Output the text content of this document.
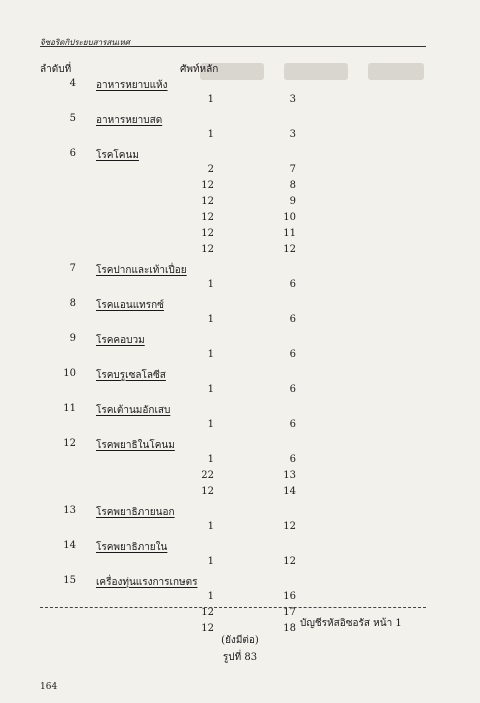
จิซอริดกิประยบสารสนเหศ
ลำดับที่	ศัพท์หลัก
4 อาหารหยาบแห้ง
1	3
5 อาหารหยาบสด
1	3
6 โรคโคนม
2	7
12	8
12	9
12	10
12	11
12	12
7 โรคปากและเท้าเปื่อย
1	6
8 โรคแอนแทรกซ์
1	6
9 โรคคอบวม
1	6
10 โรคบรูเซลโลซีส
1	6
11 โรคเต้านมอักเสบ
1	6
12 โรคพยาธิในโคนม
1	6
22	13
12	14
13 โรคพยาธิภายนอก
1	12
14 โรคพยาธิภายใน
1	12
15 เครื่องทุ่นแรงการเกษตร
1	16
12	17
12	18 บัญชีรหัสอิซอรัส หน้า 1
(ยังมีต่อ)
รูปที่ 83
164
